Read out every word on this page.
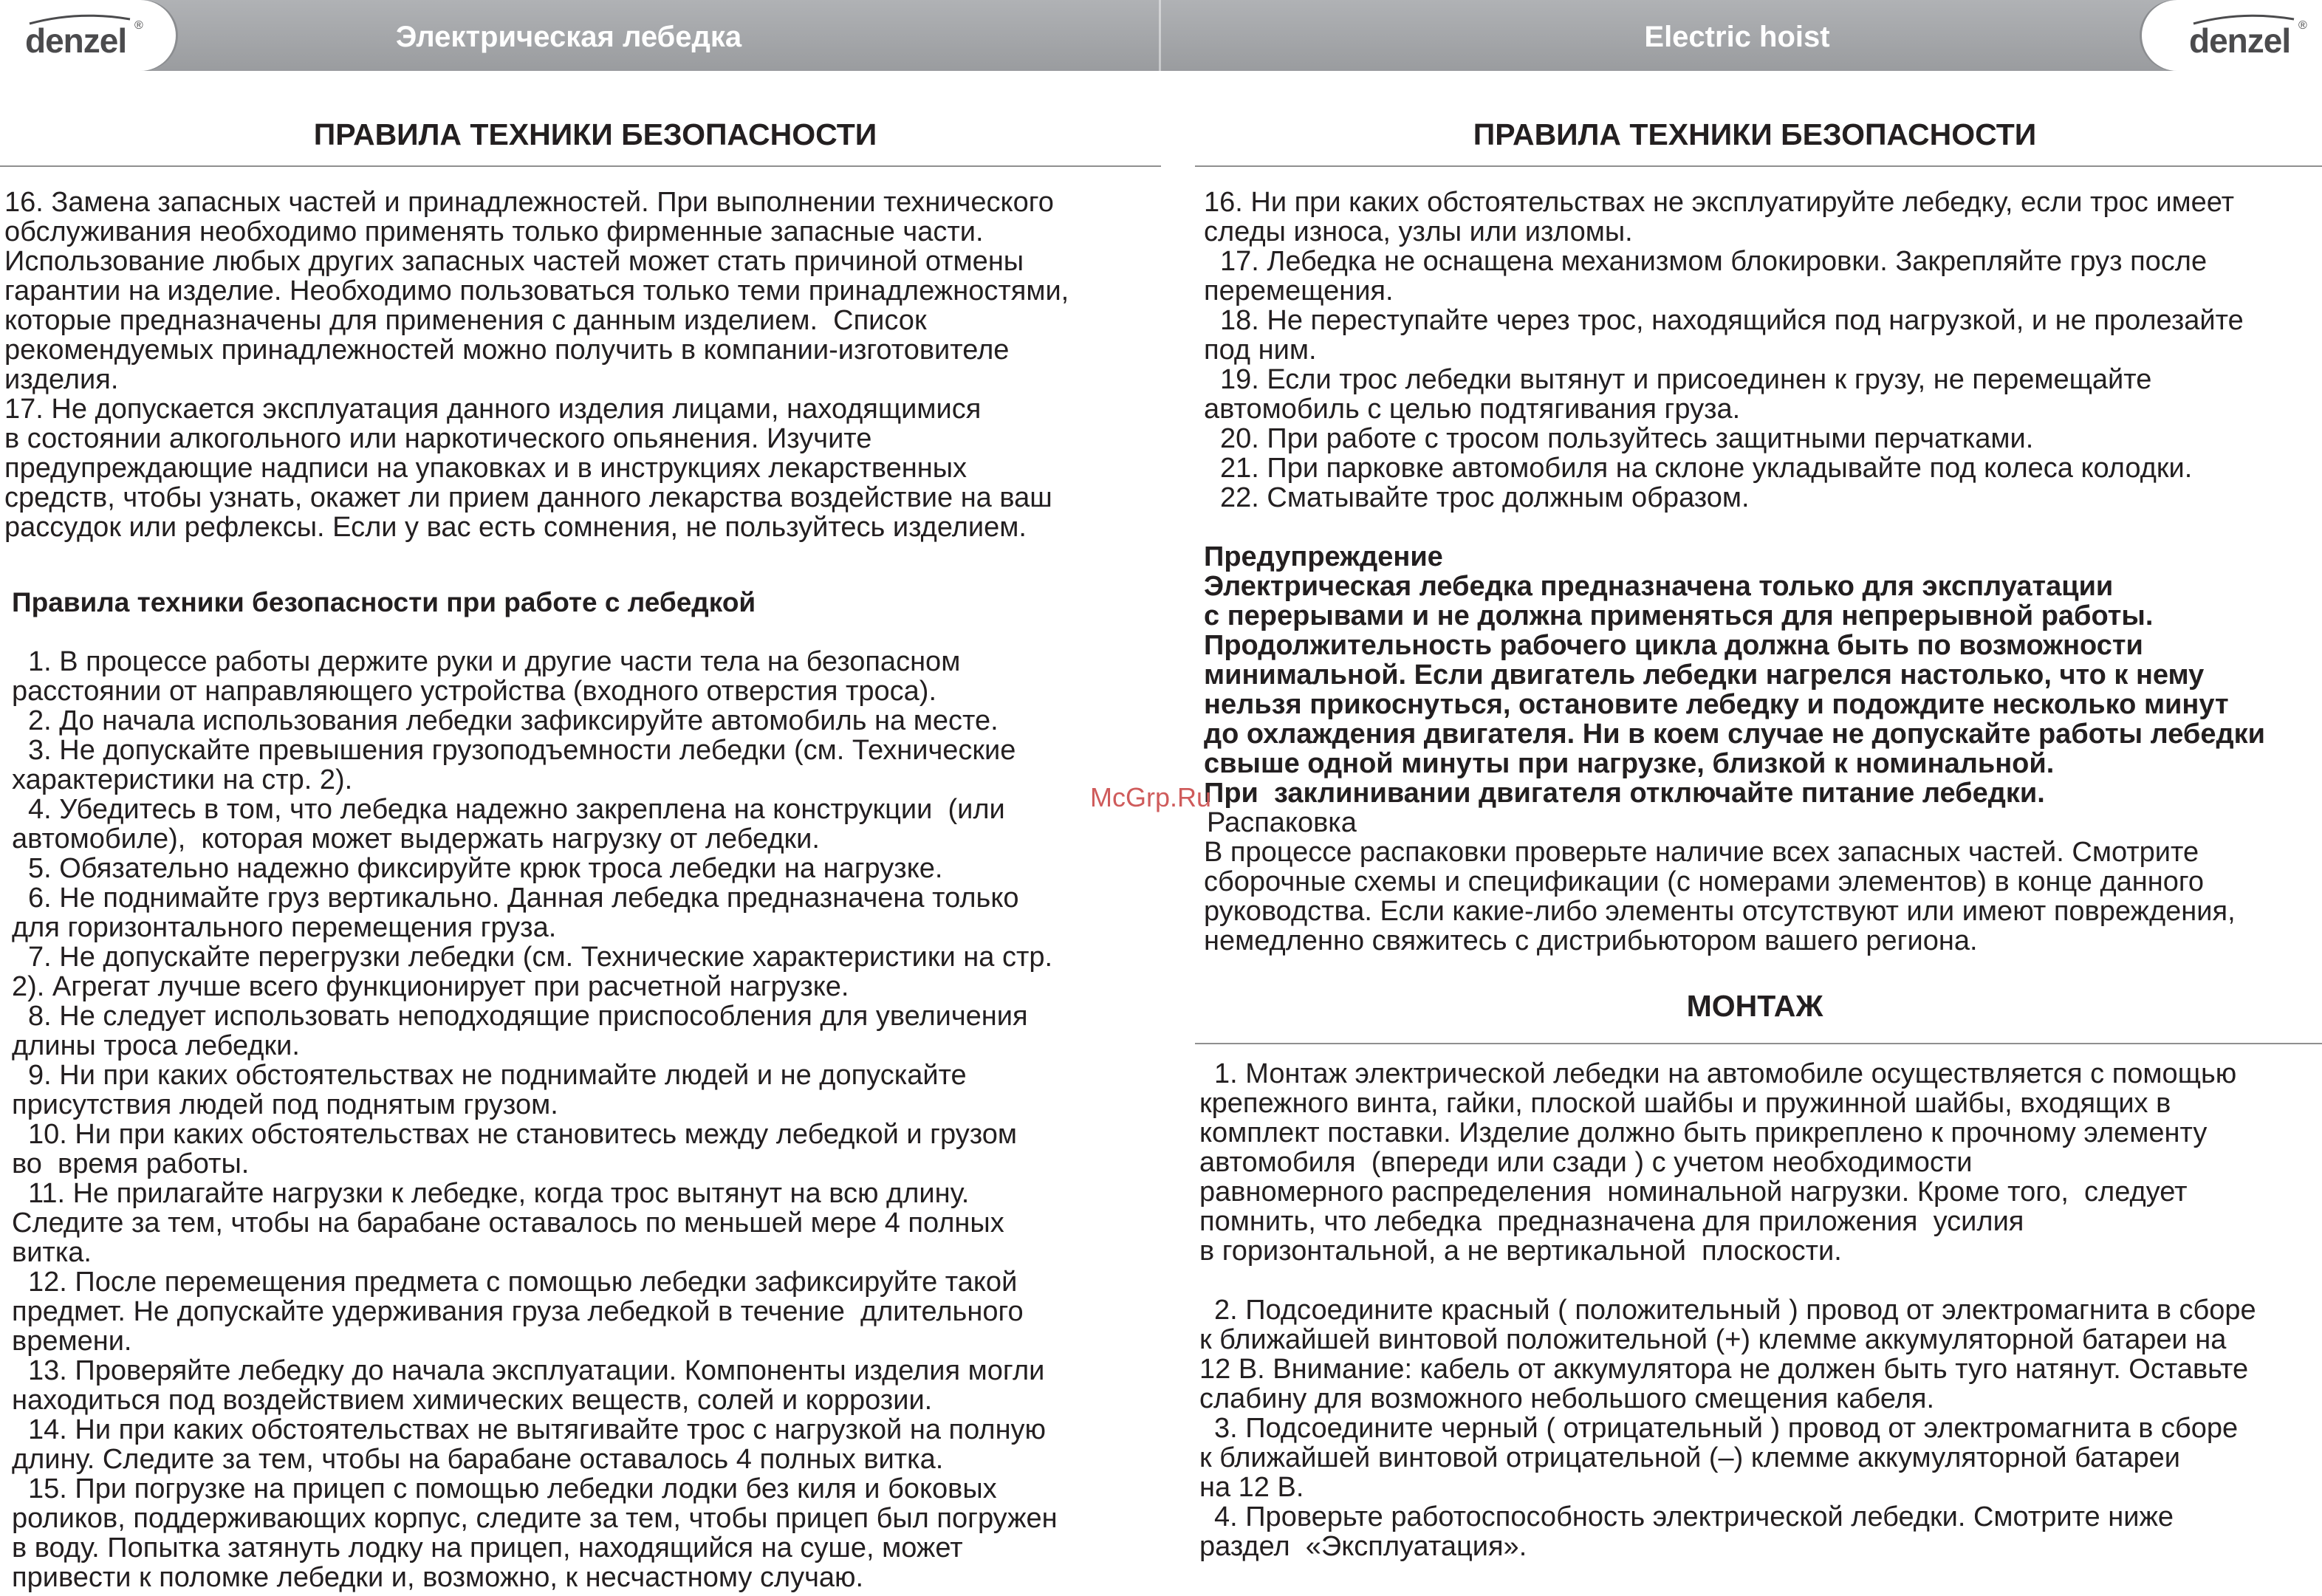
denzel ®	Электрическая лебедка	Electric hoist	denzel ®
ПРАВИЛА ТЕХНИКИ БЕЗОПАСНОСТИ	ПРАВИЛА ТЕХНИКИ БЕЗОПАСНОСТИ
МОНТАЖ
16. Замена запасных частей и принадлежностей. При выполнении технического
обслуживания необходимо применять только фирменные запасные части.
Использование любых других запасных частей может стать причиной отмены
гарантии на изделие. Необходимо пользоваться только теми принадлежностями,
которые предназначены для применения с данным изделием.  Список
рекомендуемых принадлежностей можно получить в компании-изготовителе
изделия.
17. Не допускается эксплуатация данного изделия лицами, находящимися
в состоянии алкогольного или наркотического опьянения. Изучите
предупреждающие надписи на упаковках и в инструкциях лекарственных
средств, чтобы узнать, окажет ли прием данного лекарства воздействие на ваш
рассудок или рефлексы. Если у вас есть сомнения, не пользуйтесь изделием.
Правила техники безопасности при работе с лебедкой
1. В процессе работы держите руки и другие части тела на безопасном
расстоянии от направляющего устройства (входного отверстия троса).
2. До начала использования лебедки зафиксируйте автомобиль на месте.
3. Не допускайте превышения грузоподъемности лебедки (см. Технические
характеристики на стр. 2).
4. Убедитесь в том, что лебедка надежно закреплена на конструкции  (или
автомобиле),  которая может выдержать нагрузку от лебедки.
5. Обязательно надежно фиксируйте крюк троса лебедки на нагрузке.
6. Не поднимайте груз вертикально. Данная лебедка предназначена только
для горизонтального перемещения груза.
7. Не допускайте перегрузки лебедки (см. Технические характеристики на стр.
2). Агрегат лучше всего функционирует при расчетной нагрузке.
8. Не следует использовать неподходящие приспособления для увеличения
длины троса лебедки.
9. Ни при каких обстоятельствах не поднимайте людей и не допускайте
присутствия людей под поднятым грузом.
10. Ни при каких обстоятельствах не становитесь между лебедкой и грузом
во  время работы.
11. Не прилагайте нагрузки к лебедке, когда трос вытянут на всю длину.
Следите за тем, чтобы на барабане оставалось по меньшей мере 4 полных
витка.
12. После перемещения предмета с помощью лебедки зафиксируйте такой
предмет. Не допускайте удерживания груза лебедкой в течение  длительного
времени.
13. Проверяйте лебедку до начала эксплуатации. Компоненты изделия могли
находиться под воздействием химических веществ, солей и коррозии.
14. Ни при каких обстоятельствах не вытягивайте трос с нагрузкой на полную
длину. Следите за тем, чтобы на барабане оставалось 4 полных витка.
15. При погрузке на прицеп с помощью лебедки лодки без киля и боковых
роликов, поддерживающих корпус, следите за тем, чтобы прицеп был погружен
в воду. Попытка затянуть лодку на прицеп, находящийся на суше, может
привести к поломке лебедки и, возможно, к несчастному случаю.
16. Ни при каких обстоятельствах не эксплуатируйте лебедку, если трос имеет
следы износа, узлы или изломы.
17. Лебедка не оснащена механизмом блокировки. Закрепляйте груз после
перемещения.
18. Не переступайте через трос, находящийся под нагрузкой, и не пролезайте
под ним.
19. Если трос лебедки вытянут и присоединен к грузу, не перемещайте
автомобиль с целью подтягивания груза.
20. При работе с тросом пользуйтесь защитными перчатками.
21. При парковке автомобиля на склоне укладывайте под колеса колодки.
22. Сматывайте трос должным образом.
Предупреждение
Электрическая лебедка предназначена только для эксплуатации
с перерывами и не должна применяться для непрерывной работы.
Продолжительность рабочего цикла должна быть по возможности
минимальной. Если двигатель лебедки нагрелся настолько, что к нему
нельзя прикоснуться, остановите лебедку и подождите несколько минут
до охлаждения двигателя. Ни в коем случае не допускайте работы лебедки
свыше одной минуты при нагрузке, близкой к номинальной.
При  заклинивании двигателя отключайте питание лебедки.
Распаковка
В процессе распаковки проверьте наличие всех запасных частей. Смотрите
сборочные схемы и спецификации (с номерами элементов) в конце данного
руководства. Если какие-либо элементы отсутствуют или имеют повреждения,
немедленно свяжитесь с дистрибьютором вашего региона.
1. Монтаж электрической лебедки на автомобиле осуществляется с помощью
крепежного винта, гайки, плоской шайбы и пружинной шайбы, входящих в
комплект поставки. Изделие должно быть прикреплено к прочному элементу
автомобиля  (впереди или сзади ) с учетом необходимости
равномерного распределения  номинальной нагрузки. Кроме того,  следует
помнить, что лебедка  предназначена для приложения  усилия
в горизонтальной, а не вертикальной  плоскости.
2. Подсоедините красный ( положительный ) провод от электромагнита в сборе
к ближайшей винтовой положительной (+) клемме аккумуляторной батареи на
12 В. Внимание: кабель от аккумулятора не должен быть туго натянут. Оставьте
слабину для возможного небольшого смещения кабеля.
3. Подсоедините черный ( отрицательный ) провод от электромагнита в сборе
к ближайшей винтовой отрицательной (–) клемме аккумуляторной батареи
на 12 В.
4. Проверьте работоспособность электрической лебедки. Смотрите ниже
раздел  «Эксплуатация».
McGrp.Ru
